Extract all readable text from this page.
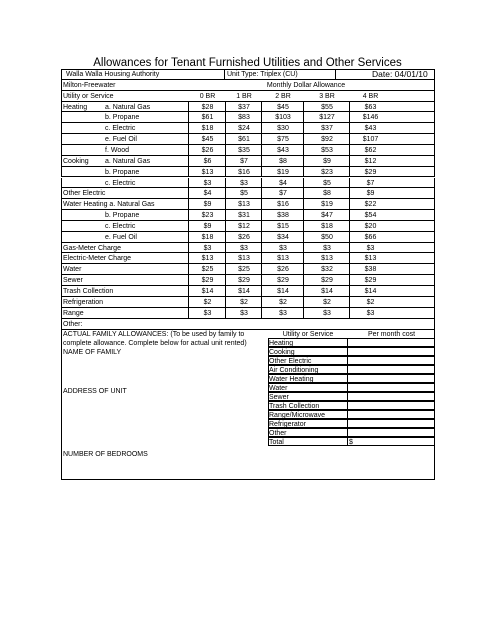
Allowances for Tenant Furnished Utilities and Other Services
Walla Walla Housing Authority	Unit Type: Triplex (CU)	Date: 04/01/10
Milton-Freewater	Monthly Dollar Allowance
Utility or Service	0 BR	1 BR	2 BR	3 BR	4 BR
Heating	a. Natural Gas	$28	$37	$45	$55	$63
b. Propane	$61	$83	$103	$127	$146
c. Electric	$18	$24	$30	$37	$43
e. Fuel Oil	$45	$61	$75	$92	$107
f. Wood	$26	$35	$43	$53	$62
Cooking a. Natural Gas	$6	$7	$8	$9	$12
b. Propane	$13	$16	$19	$23	$29
c. Electric	$3	$3	$4	$5	$7
Other Electric	$4	$5	$7	$8	$9
Water Heating a. Natural Gas	$9	$13	$16	$19	$22
b. Propane	$23	$31	$38	$47	$54
c. Electric	$9	$12	$15	$18	$20
e. Fuel Oil	$18	$26	$34	$50	$66
Gas-Meter Charge	$3	$3	$3	$3	$3
Electric-Meter Charge	$13	$13	$13	$13	$13
Water	$25	$25	$26	$32	$38
Sewer	$29	$29	$29	$29	$29
Trash Collection	$14	$14	$14	$14	$14
Refrigeration	$2	$2	$2	$2	$2
Range	$3	$3	$3	$3	$3
Other:
ACTUAL FAMILY ALLOWANCES: (To be used by family to
complete allowance. Complete below for actual unit rented)
NAME OF FAMILY
ADDRESS OF UNIT
NUMBER OF BEDROOMS
Utility or Service	Per month cost
Heating
Cooking
Other Electric
Air Conditioning
Water Heating
Water
Sewer
Trash Collection
Range/Microwave
Refrigerator
Other
Total	$
